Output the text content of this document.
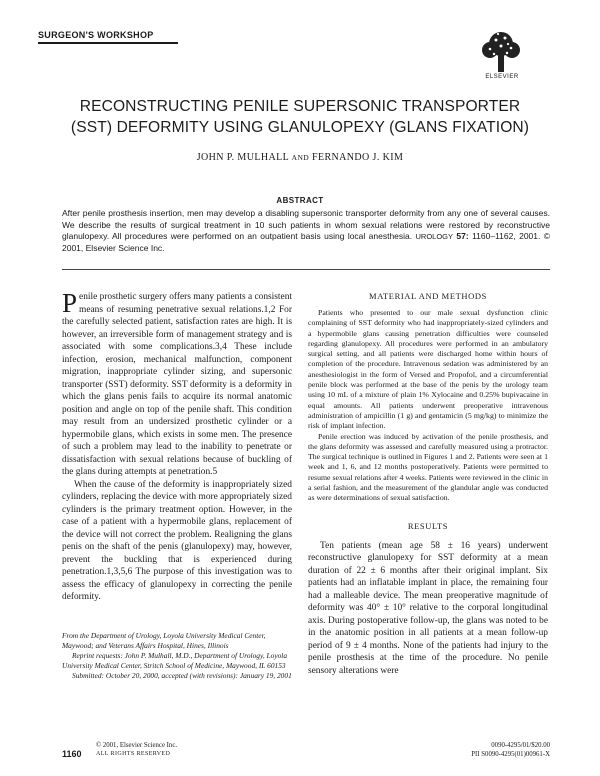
SURGEON'S WORKSHOP
ELSEVIER
RECONSTRUCTING PENILE SUPERSONIC TRANSPORTER
(SST) DEFORMITY USING GLANULOPEXY (GLANS FIXATION)
JOHN P. MULHALL AND FERNANDO J. KIM
ABSTRACT
After penile prosthesis insertion, men may develop a disabling supersonic transporter deformity from any one of several causes. We describe the results of surgical treatment in 10 such patients in whom sexual relations were restored by reconstructive glanulopexy. All procedures were performed on an outpatient basis using local anesthesia. UROLOGY 57: 1160–1162, 2001. © 2001, Elsevier Science Inc.

Penile prosthetic surgery offers many patients a consistent means of resuming penetrative sexual relations.1,2 For the carefully selected patient, satisfaction rates are high. It is however, an irreversible form of management strategy and is associated with some complications.3,4 These include infection, erosion, mechanical malfunction, component migration, inappropriate cylinder sizing, and supersonic transporter (SST) deformity. SST deformity is a deformity in which the glans penis fails to acquire its normal anatomic position and angle on top of the penile shaft. This condition may result from an undersized prosthetic cylinder or a hypermobile glans, which exists in some men. The presence of such a problem may lead to the inability to penetrate or dissatisfaction with sexual relations because of buckling of the glans during attempts at penetration.5

When the cause of the deformity is inappropriately sized cylinders, replacing the device with more appropriately sized cylinders is the primary treatment option. However, in the case of a patient with a hypermobile glans, replacement of the device will not correct the problem. Realigning the glans penis on the shaft of the penis (glanulopexy) may, however, prevent the buckling that is experienced during penetration.1,3,5,6 The purpose of this investigation was to assess the efficacy of glanulopexy in correcting the penile deformity.

MATERIAL AND METHODS

Patients who presented to our male sexual dysfunction clinic complaining of SST deformity who had inappropriately-sized cylinders and a hypermobile glans causing penetration difficulties were counseled regarding glanulopexy. All procedures were performed in an ambulatory surgical setting, and all patients were discharged home within hours of completion of the procedure. Intravenous sedation was administered by an anesthesiologist in the form of Versed and Propofol, and a circumferential penile block was performed at the base of the penis by the urology team using 10 mL of a mixture of plain 1% Xylocaine and 0.25% bupivacaine in equal amounts. All patients underwent preoperative intravenous administration of ampicillin (1 g) and gentamicin (5 mg/kg) to minimize the risk of implant infection.

Penile erection was induced by activation of the penile prosthesis, and the glans deformity was assessed and carefully measured using a protractor. The surgical technique is outlined in Figures 1 and 2. Patients were seen at 1 week and 1, 6, and 12 months postoperatively. Patients were permitted to resume sexual relations after 4 weeks. Patients were reviewed in the clinic in a serial fashion, and the measurement of the glandular angle was conducted as were determinations of sexual satisfaction.

RESULTS

Ten patients (mean age 58 ± 16 years) underwent reconstructive glanulopexy for SST deformity at a mean duration of 22 ± 6 months after their original implant. Six patients had an inflatable implant in place, the remaining four had a malleable device. The mean preoperative magnitude of deformity was 40° ± 10° relative to the corporal longitudinal axis. During postoperative follow-up, the glans was noted to be in the anatomic position in all patients at a mean follow-up period of 9 ± 4 months. None of the patients had injury to the penile prosthesis at the time of the procedure. No penile sensory alterations were

From the Department of Urology, Loyola University Medical Center, Maywood; and Veterans Affairs Hospital, Hines, Illinois

Reprint requests: John P. Mulhall, M.D., Department of Urology, Loyola University Medical Center, Stritch School of Medicine, Maywood, IL 60153

Submitted: October 20, 2000, accepted (with revisions): January 19, 2001

1160
© 2001, Elsevier Science Inc.
ALL RIGHTS RESERVED
0090-4295/01/$20.00
PII S0090-4295(01)00961-X
